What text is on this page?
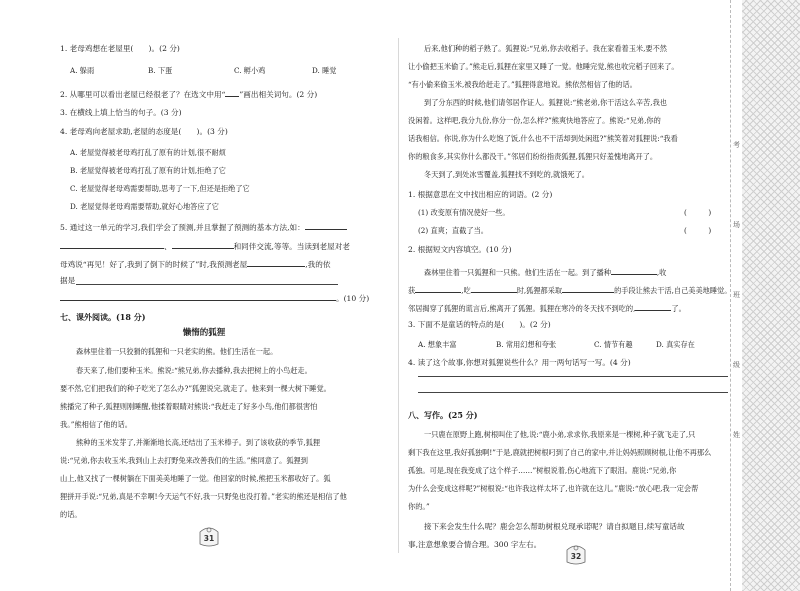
1. 老母鸡想在老屋里(　　)。(2 分)
A. 躲雨	B. 下蛋	C. 孵小鸡	D. 睡觉
2. 从哪里可以看出老屋已经很老了？在选文中用“ ”画出相关词句。(2 分)
3. 在横线上填上恰当的句子。(3 分)
4. 老母鸡向老屋求助,老屋的态度是(　　)。(3 分)
A. 老屋觉得被老母鸡打乱了原有的计划,很不耐烦
B. 老屋觉得被老母鸡打乱了原有的计划,拒绝了它
C. 老屋觉得老母鸡需要帮助,思考了一下,但还是拒绝了它
D. 老屋觉得老母鸡需要帮助,就好心地答应了它
5. 通过这一单元的学习,我们学会了预测,并且掌握了预测的基本方法,如：
、	和同伴交流,等等。当读到老屋对老
母鸡说“再见！好了,我到了倒下的时候了”时,我预测老屋	,我的依
据是
。(10 分)
七、课外阅读。(18 分)
懒惰的狐狸
森林里住着一只狡猾的狐狸和一只老实的熊。他们生活在一起。
春天来了,他们要种玉米。熊说:“熊兄弟,你去播种,我去把树上的小鸟赶走。
要不然,它们把我们的种子吃光了怎么办?”狐狸说完,就走了。他来到一棵大树下睡觉。
熊播完了种子,狐狸则刚睡醒,他揉着眼睛对熊说:“我赶走了好多小鸟,他们都很害怕
我。”熊相信了他的话。
熊种的玉米发芽了,并渐渐地长高,还结出了玉米棒子。到了该收获的季节,狐狸
说:“兄弟,你去收玉米,我到山上去打野兔来改善我们的生活。”熊同意了。狐狸到
山上,他又找了一棵树躺在下面美美地睡了一觉。他回家的时候,熊把玉米都收好了。狐
狸拼开手说:“兄弟,真是不幸啊!今天运气不好,我一只野兔也没打着。”老实的熊还是相信了他
的话。
31
后来,他们种的稻子熟了。狐狸说:“兄弟,你去收稻子。我在家看着玉米,要不然
让小偷把玉米偷了。”熊走后,狐狸在家里又睡了一觉。他睡完觉,熊也收完稻子回来了。
“有小偷来偷玉米,被我给赶走了。”狐狸得意地说。熊依然相信了他的话。
到了分东西的时候,他们请邻居作证人。狐狸说:“熊老弟,你干活这么辛苦,我也
没闲着。这样吧,我分九份,你分一份,怎么样?”熊爽快地答应了。熊说:“兄弟,你的
话我相信。你说,你为什么吃饱了饭,什么也不干活却到处闲逛?”熊笑着对狐狸说:“我看
你的粮食多,其实你什么都没干。”邻居们纷纷指责狐狸,狐狸只好羞愧地离开了。
冬天到了,到处冰雪覆盖,狐狸找不到吃的,就饿死了。
1. 根据意思在文中找出相应的词语。(2 分)
(1) 改变原有情况使好一些。	(　　　)
(2) 直爽；直截了当。	(　　　)
2. 根据短文内容填空。(10 分)
森林里住着一只狐狸和一只熊。他们生活在一起。到了播种	,收
获	,吃	时,狐狸都采取	的手段让熊去干活,自己美美地睡觉。
邻居揭穿了狐狸的谎言后,熊离开了狐狸。狐狸在寒冷的冬天找不到吃的,	了。
3. 下面不是童话的特点的是(　　)。(2 分)
A. 想象丰富	B. 常用幻想和夸张	C. 情节有趣	D. 真实存在
4. 读了这个故事,你想对狐狸说些什么？用一两句话写一写。(4 分)
八、写作。(25 分)
一只鹿在原野上跑,树根叫住了他,说:“鹿小弟,求求你,我原来是一棵树,种子就飞走了,只
剩下我在这里,我好孤独啊!”于是,鹿就把树根叼到了自己的家中,并让妈妈照顾树根,让他不再那么
孤独。可是,现在我变成了这个样子……”树根说着,伤心地流下了眼泪。鹿说:“兄弟,你
为什么会变成这样呢?”树根说:“也许我这样太坏了,也许就在这儿。”鹿说:“放心吧,我一定会帮
你的。”
接下来会发生什么呢？鹿会怎么帮助树根兑现承诺呢？请自拟题目,续写童话故
事,注意想象要合情合理。300 字左右。
32
考
场
班
级
姓
